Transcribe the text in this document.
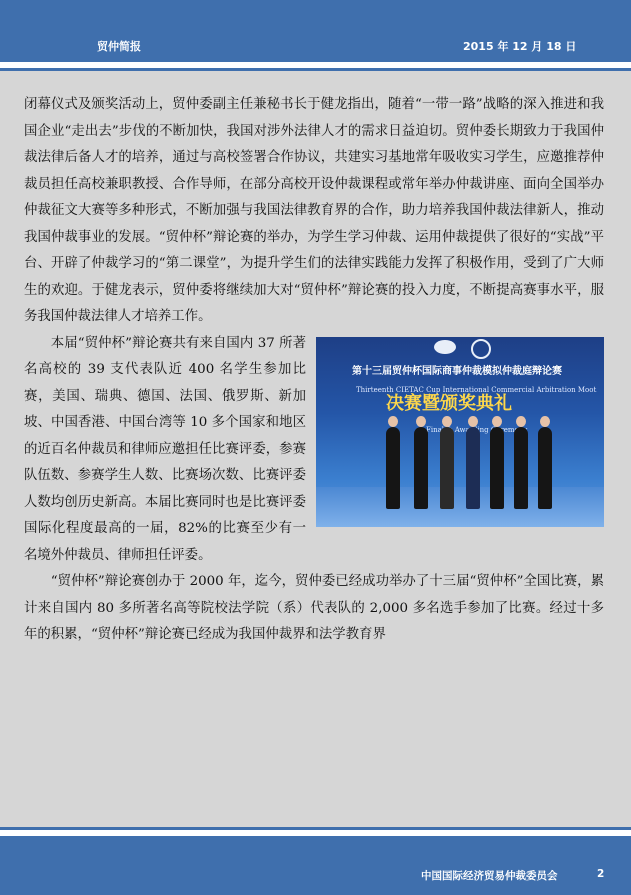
贸仲简报	2015 年 12 月 18 日

闭幕仪式及颁奖活动上，贸仲委副主任兼秘书长于健龙指出，随着“一带一路”战略的深入推进和我国企业“走出去”步伐的不断加快，我国对涉外法律人才的需求日益迫切。贸仲委长期致力于我国仲裁法律后备人才的培养，通过与高校签署合作协议，共建实习基地常年吸收实习学生，应邀推荐仲裁员担任高校兼职教授、合作导师，在部分高校开设仲裁课程或常年举办仲裁讲座、面向全国举办仲裁征文大赛等多种形式，不断加强与我国法律教育界的合作，助力培养我国仲裁法律新人，推动我国仲裁事业的发展。“贸仲杯”辩论赛的举办，为学生学习仲裁、运用仲裁提供了很好的“实战”平台、开辟了仲裁学习的“第二课堂”，为提升学生们的法律实践能力发挥了积极作用，受到了广大师生的欢迎。于健龙表示，贸仲委将继续加大对“贸仲杯”辩论赛的投入力度，不断提高赛事水平，服务我国仲裁法律人才培养工作。

第十三届贸仲杯国际商事仲裁模拟仲裁庭辩论赛
Thirteenth CIETAC Cup International Commercial Arbitration Moot
决赛暨颁奖典礼
Final Ceremony

本届“贸仲杯”辩论赛共有来自国内 37 所著名高校的 39 支代表队近 400 名学生参加比赛，美国、瑞典、德国、法国、俄罗斯、新加坡、中国香港、中国台湾等 10 多个国家和地区的近百名仲裁员和律师应邀担任比赛评委，参赛队伍数、参赛学生人数、比赛场次数、比赛评委人数均创历史新高。本届比赛同时也是比赛评委国际化程度最高的一届，82%的比赛至少有一名境外仲裁员、律师担任评委。

“贸仲杯”辩论赛创办于 2000 年，迄今，贸仲委已经成功举办了十三届“贸仲杯”全国比赛，累计来自国内 80 多所著名高等院校法学院（系）代表队的 2,000 多名选手参加了比赛。经过十多年的积累，“贸仲杯”辩论赛已经成为我国仲裁界和法学教育界

中国国际经济贸易仲裁委员会	2
